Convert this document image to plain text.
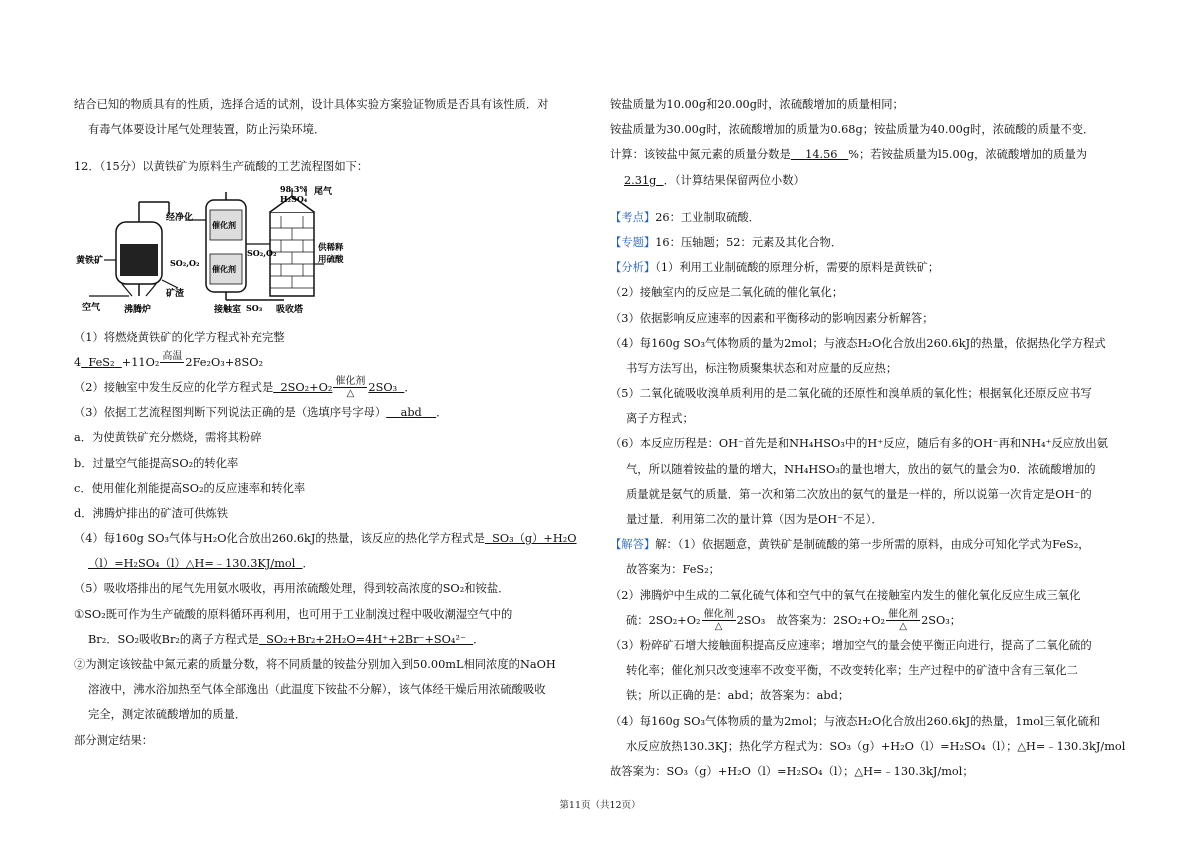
结合已知的物质具有的性质，选择合适的试剂，设计具体实验方案验证物质是否具有该性质．对
有毒气体要设计尾气处理装置，防止污染环境．
12．（15分）以黄铁矿为原料生产硫酸的工艺流程图如下：
黄铁矿
空气	沸腾炉
矿渣
经净化
SO₂,O₂
催化剂
催化剂
SO₂,O₂
SO₃
接触室	吸收塔
98.3%
H₂SO₄
尾气
供稀释
用硫酸
（1）将燃烧黄铁矿的化学方程式补充完整
4 FeS₂ +11O₂ 高温
2Fe₂O₃+8SO₂
（2）接触室中发生反应的化学方程式是 $2SO_2+O_2 \frac{\text{催化剂}}{\triangle} 2SO_3$ ．
（3）依据工艺流程图判断下列说法正确的是（选填序号字母） abd ．
a．为使黄铁矿充分燃烧，需将其粉碎
b．过量空气能提高SO₂的转化率
c．使用催化剂能提高SO₂的反应速率和转化率
d．沸腾炉排出的矿渣可供炼铁
（4）每160g SO₃气体与H₂O化合放出260.6kJ的热量，该反应的热化学方程式是 SO₃（g）+H₂O
（l）=H₂SO₄（l）△H=﹣130.3KJ/mol ．
（5）吸收塔排出的尾气先用氨水吸收，再用浓硫酸处理，得到较高浓度的SO₂和铵盐．
①SO₂既可作为生产硫酸的原料循环再利用，也可用于工业制溴过程中吸收潮湿空气中的
Br₂．SO₂吸收Br₂的离子方程式是 SO₂+Br₂+2H₂O=4H⁺+2Br⁻+SO₄²⁻ ．
②为测定该铵盐中氮元素的质量分数，将不同质量的铵盐分别加入到50.00mL相同浓度的NaOH
溶液中，沸水浴加热至气体全部逸出（此温度下铵盐不分解），该气体经干燥后用浓硫酸吸收
完全，测定浓硫酸增加的质量．
部分测定结果：
铵盐质量为10.00g和20.00g时，浓硫酸增加的质量相同；
铵盐质量为30.00g时，浓硫酸增加的质量为0.68g；铵盐质量为40.00g时，浓硫酸的质量不变．
计算：该铵盐中氮元素的质量分数是 14.56 %；若铵盐质量为l5.00g，浓硫酸增加的质量为
2.31g ．（计算结果保留两位小数）
【考点】26：工业制取硫酸．
【专题】16：压轴题；52：元素及其化合物．
【分析】（1）利用工业制硫酸的原理分析，需要的原料是黄铁矿；
（2）接触室内的反应是二氧化硫的催化氧化；
（3）依据影响反应速率的因素和平衡移动的影响因素分析解答；
（4）每160g SO₃气体物质的量为2mol；与液态H₂O化合放出260.6kJ的热量，依据热化学方程式
书写方法写出，标注物质聚集状态和对应量的反应热；
（5）二氧化硫吸收溴单质利用的是二氧化硫的还原性和溴单质的氧化性；根据氧化还原反应书写
离子方程式；
（6）本反应历程是：OH⁻首先是和NH₄HSO₃中的H⁺反应，随后有多的OH⁻再和NH₄⁺反应放出氨
气，所以随着铵盐的量的增大，NH₄HSO₃的量也增大，放出的氨气的量会为0．浓硫酸增加的
质量就是氨气的质量．第一次和第二次放出的氨气的量是一样的，所以说第一次肯定是OH⁻的
量过量．利用第二次的量计算（因为是OH⁻不足）．
【解答】解：（1）依据题意，黄铁矿是制硫酸的第一步所需的原料，由成分可知化学式为FeS₂，
故答案为：FeS₂；
（2）沸腾炉中生成的二氧化硫气体和空气中的氧气在接触室内发生的催化氧化反应生成三氧化
硫：$2SO_2+O_2 \frac{\text{催化剂}}{\triangle} 2SO_3$　故答案为：$2SO_2+O_2 \frac{\text{催化剂}}{\triangle} 2SO_3$；
（3）粉碎矿石增大接触面积提高反应速率；增加空气的量会使平衡正向进行，提高了二氧化硫的
转化率；催化剂只改变速率不改变平衡，不改变转化率；生产过程中的矿渣中含有三氧化二
铁；所以正确的是：abd；故答案为：abd；
（4）每160g SO₃气体物质的量为2mol；与液态H₂O化合放出260.6kJ的热量，1mol三氧化硫和
水反应放热130.3KJ；热化学方程式为：SO₃（g）+H₂O（l）=H₂SO₄（l）；△H=﹣130.3kJ/mol
故答案为：SO₃（g）+H₂O（l）=H₂SO₄（l）；△H=﹣130.3kJ/mol；
第11页（共12页）
